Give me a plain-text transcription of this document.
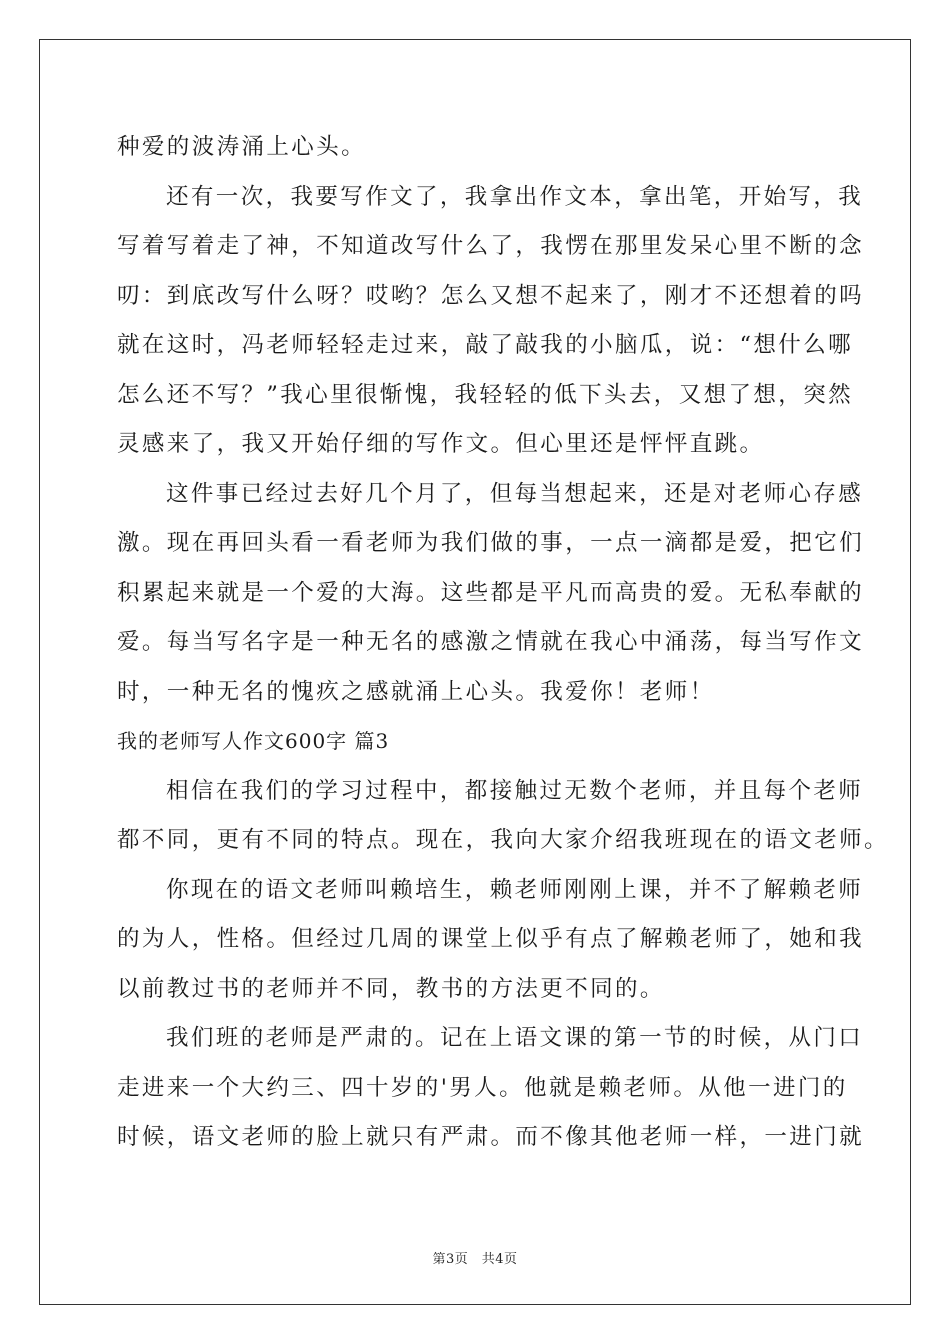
种爱的波涛涌上心头。
还有一次，我要写作文了，我拿出作文本，拿出笔，开始写，我
写着写着走了神，不知道改写什么了，我愣在那里发呆心里不断的念
叨：到底改写什么呀？哎哟？怎么又想不起来了，刚才不还想着的吗
就在这时，冯老师轻轻走过来，敲了敲我的小脑瓜，说：“想什么哪
怎么还不写？”我心里很惭愧，我轻轻的低下头去，又想了想，突然
灵感来了，我又开始仔细的写作文。但心里还是怦怦直跳。
这件事已经过去好几个月了，但每当想起来，还是对老师心存感
激。现在再回头看一看老师为我们做的事，一点一滴都是爱，把它们
积累起来就是一个爱的大海。这些都是平凡而高贵的爱。无私奉献的
爱。每当写名字是一种无名的感激之情就在我心中涌荡，每当写作文
时，一种无名的愧疚之感就涌上心头。我爱你！老师！
我的老师写人作文600字 篇3
相信在我们的学习过程中，都接触过无数个老师，并且每个老师
都不同，更有不同的特点。现在，我向大家介绍我班现在的语文老师。
你现在的语文老师叫赖培生，赖老师刚刚上课，并不了解赖老师
的为人，性格。但经过几周的课堂上似乎有点了解赖老师了，她和我
以前教过书的老师并不同，教书的方法更不同的。
我们班的老师是严肃的。记在上语文课的第一节的时候，从门口
走进来一个大约三、四十岁的'男人。他就是赖老师。从他一进门的
时候，语文老师的脸上就只有严肃。而不像其他老师一样，一进门就
第3页　共4页
